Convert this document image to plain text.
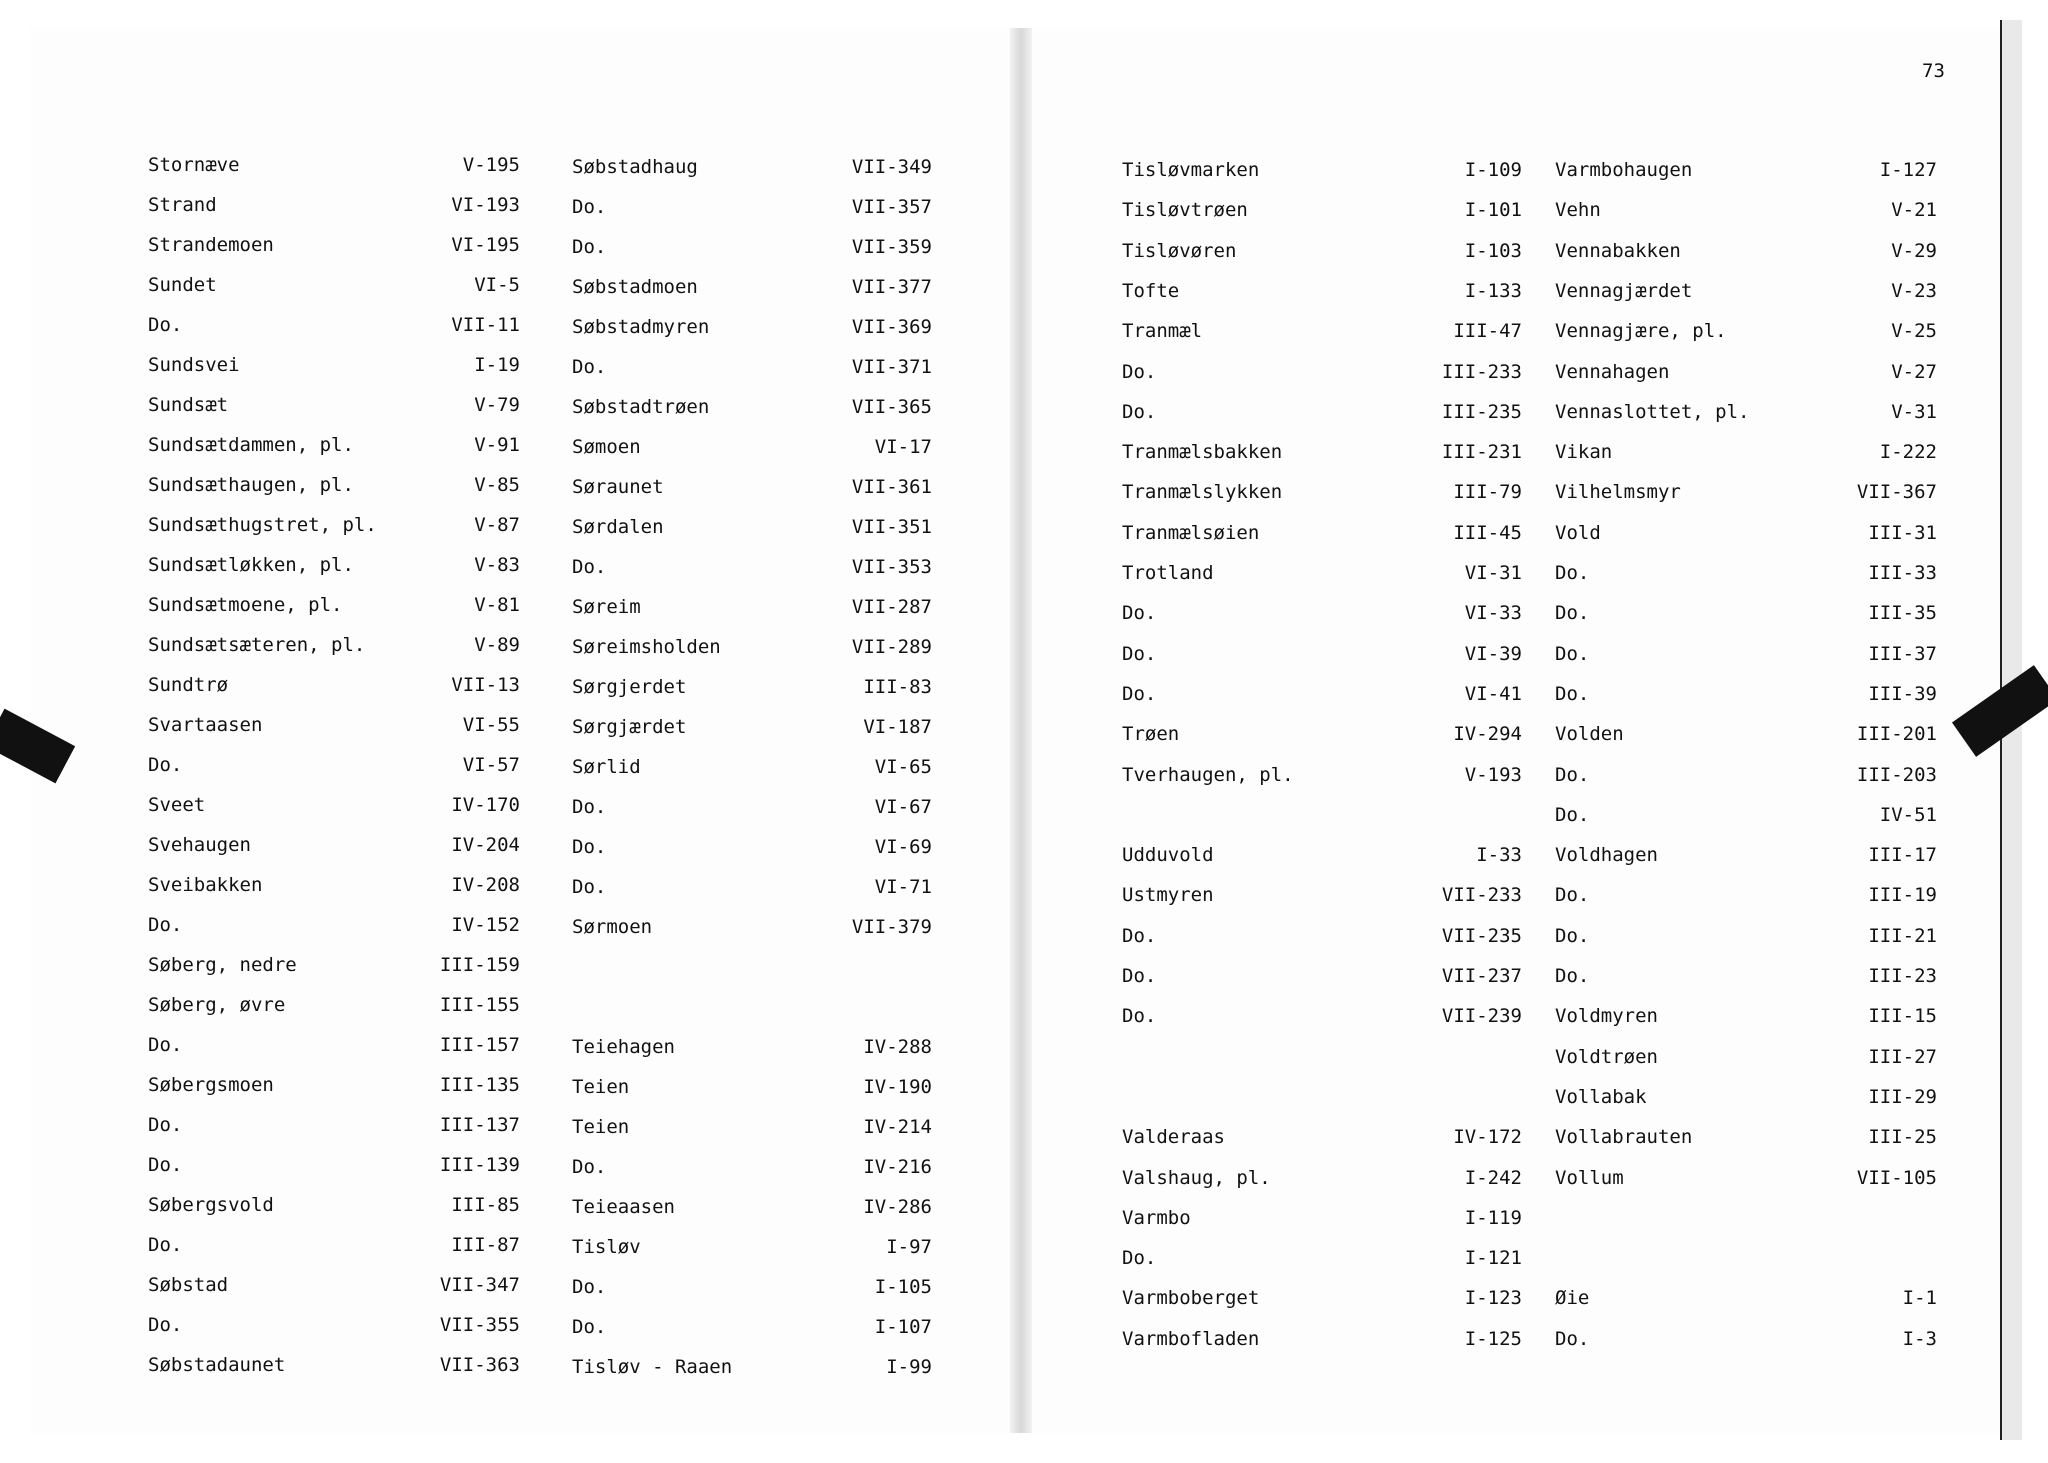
73
Stornæve	V-195
Strand	VI-193
Strandemoen	VI-195
Sundet	VI-5
Do.	VII-11
Sundsvei	I-19
Sundsæt	V-79
Sundsætdammen, pl.	V-91
Sundsæthaugen, pl.	V-85
Sundsæthugstret, pl.	V-87
Sundsætløkken, pl.	V-83
Sundsætmoene, pl.	V-81
Sundsætsæteren, pl.	V-89
Sundtrø	VII-13
Svartaasen	VI-55
Do.	VI-57
Sveet	IV-170
Svehaugen	IV-204
Sveibakken	IV-208
Do.	IV-152
Søberg, nedre	III-159
Søberg, øvre	III-155
Do.	III-157
Søbergsmoen	III-135
Do.	III-137
Do.	III-139
Søbergsvold	III-85
Do.	III-87
Søbstad	VII-347
Do.	VII-355
Søbstadaunet	VII-363
Søbstadhaug	VII-349
Do.	VII-357
Do.	VII-359
Søbstadmoen	VII-377
Søbstadmyren	VII-369
Do.	VII-371
Søbstadtrøen	VII-365
Sømoen	VI-17
Søraunet	VII-361
Sørdalen	VII-351
Do.	VII-353
Søreim	VII-287
Søreimsholden	VII-289
Sørgjerdet	III-83
Sørgjærdet	VI-187
Sørlid	VI-65
Do.	VI-67
Do.	VI-69
Do.	VI-71
Sørmoen	VII-379
Teiehagen	IV-288
Teien	IV-190
Teien	IV-214
Do.	IV-216
Teieaasen	IV-286
Tisløv	I-97
Do.	I-105
Do.	I-107
Tisløv - Raaen	I-99
Tisløvmarken	I-109
Tisløvtrøen	I-101
Tisløvøren	I-103
Tofte	I-133
Tranmæl	III-47
Do.	III-233
Do.	III-235
Tranmælsbakken	III-231
Tranmælslykken	III-79
Tranmælsøien	III-45
Trotland	VI-31
Do.	VI-33
Do.	VI-39
Do.	VI-41
Trøen	IV-294
Tverhaugen, pl.	V-193
Udduvold	I-33
Ustmyren	VII-233
Do.	VII-235
Do.	VII-237
Do.	VII-239
Valderaas	IV-172
Valshaug, pl.	I-242
Varmbo	I-119
Do.	I-121
Varmboberget	I-123
Varmbofladen	I-125
Varmbohaugen	I-127
Vehn	V-21
Vennabakken	V-29
Vennagjærdet	V-23
Vennagjære, pl.	V-25
Vennahagen	V-27
Vennaslottet, pl.	V-31
Vikan	I-222
Vilhelmsmyr	VII-367
Vold	III-31
Do.	III-33
Do.	III-35
Do.	III-37
Do.	III-39
Volden	III-201
Do.	III-203
Do.	IV-51
Voldhagen	III-17
Do.	III-19
Do.	III-21
Do.	III-23
Voldmyren	III-15
Voldtrøen	III-27
Vollabak	III-29
Vollabrauten	III-25
Vollum	VII-105
Øie	I-1
Do.	I-3
